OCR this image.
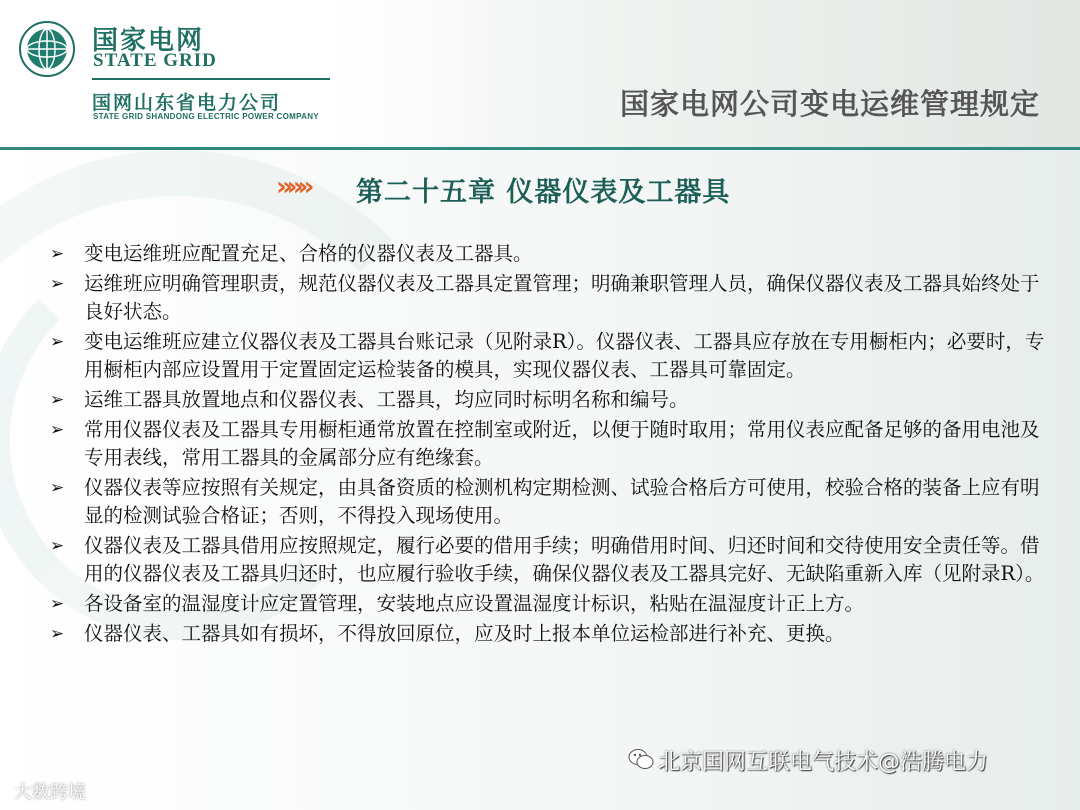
国家电网
STATE GRID
国网山东省电力公司
STATE GRID SHANDONG ELECTRIC POWER COMPANY	国家电网公司变电运维管理规定
»»» 第二十五章 仪器仪表及工器具
➢	变电运维班应配置充足、合格的仪器仪表及工器具。
➢	运维班应明确管理职责，规范仪器仪表及工器具定置管理；明确兼职管理人员，确保仪器仪表及工器具始终处于良好状态。
➢	变电运维班应建立仪器仪表及工器具台账记录（见附录R）。仪器仪表、工器具应存放在专用橱柜内；必要时，专用橱柜内部应设置用于定置固定运检装备的模具，实现仪器仪表、工器具可靠固定。
➢	运维工器具放置地点和仪器仪表、工器具，均应同时标明名称和编号。
➢	常用仪器仪表及工器具专用橱柜通常放置在控制室或附近，以便于随时取用；常用仪表应配备足够的备用电池及专用表线，常用工器具的金属部分应有绝缘套。
➢	仪器仪表等应按照有关规定，由具备资质的检测机构定期检测、试验合格后方可使用，校验合格的装备上应有明显的检测试验合格证；否则，不得投入现场使用。
➢	仪器仪表及工器具借用应按照规定，履行必要的借用手续；明确借用时间、归还时间和交待使用安全责任等。借用的仪器仪表及工器具归还时，也应履行验收手续，确保仪器仪表及工器具完好、无缺陷重新入库（见附录R）。
➢	各设备室的温湿度计应定置管理，安装地点应设置温湿度计标识，粘贴在温湿度计正上方。
➢	仪器仪表、工器具如有损坏，不得放回原位，应及时上报本单位运检部进行补充、更换。
北京国网互联电气技术@浩腾电力
大数跨境
